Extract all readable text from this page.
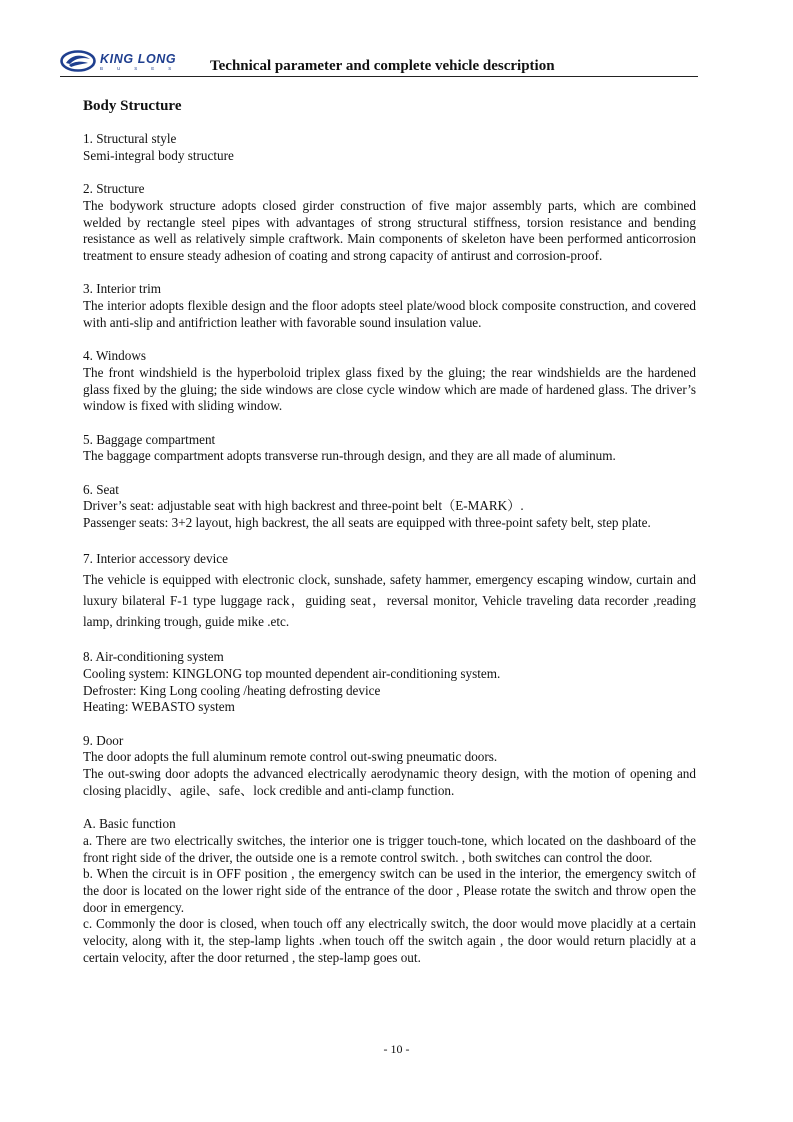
KING LONG
BUSES Technical parameter and complete vehicle description
Body Structure

1. Structural style

Semi-integral body structure

2. Structure

The bodywork structure adopts closed girder construction of five major assembly parts, which are combined welded by rectangle steel pipes with advantages of strong structural stiffness, torsion resistance and bending resistance as well as relatively simple craftwork. Main components of skeleton have been performed anticorrosion treatment to ensure steady adhesion of coating and strong capacity of antirust and corrosion-proof.

3. Interior trim

The interior adopts flexible design and the floor adopts steel plate/wood block composite construction, and covered with anti-slip and antifriction leather with favorable sound insulation value.

4. Windows

The front windshield is the hyperboloid triplex glass fixed by the gluing; the rear windshields are the hardened glass fixed by the gluing; the side windows are close cycle window which are made of hardened glass. The driver’s window is fixed with sliding window.

5. Baggage compartment

The baggage compartment adopts transverse run-through design, and they are all made of aluminum.

6. Seat

Driver’s seat: adjustable seat with high backrest and three-point belt（E-MARK）.

Passenger seats: 3+2 layout, high backrest, the all seats are equipped with three-point safety belt, step plate.

7. Interior accessory device

The vehicle is equipped with electronic clock, sunshade, safety hammer, emergency escaping window, curtain and luxury bilateral F-1 type luggage rack，guiding seat，reversal monitor, Vehicle traveling data recorder ,reading lamp, drinking trough, guide mike .etc.

8. Air-conditioning system

Cooling system: KINGLONG top mounted dependent air-conditioning system.

Defroster: King Long cooling /heating defrosting device

Heating: WEBASTO system

9. Door

The door adopts the full aluminum remote control out-swing pneumatic doors.

The out-swing door adopts the advanced electrically aerodynamic theory design, with the motion of opening and closing placidly、agile、safe、lock credible and anti-clamp function.

A. Basic function

a. There are two electrically switches, the interior one is trigger touch-tone, which located on the dashboard of the front right side of the driver, the outside one is a remote control switch. , both switches can control the door.

b. When the circuit is in OFF position , the emergency switch can be used in the interior, the emergency switch of the door is located on the lower right side of the entrance of the door , Please rotate the switch and throw open the door in emergency.

c. Commonly the door is closed, when touch off any electrically switch, the door would move placidly at a certain velocity, along with it, the step-lamp lights .when touch off the switch again , the door would return placidly at a certain velocity, after the door returned , the step-lamp goes out.

- 10 -
